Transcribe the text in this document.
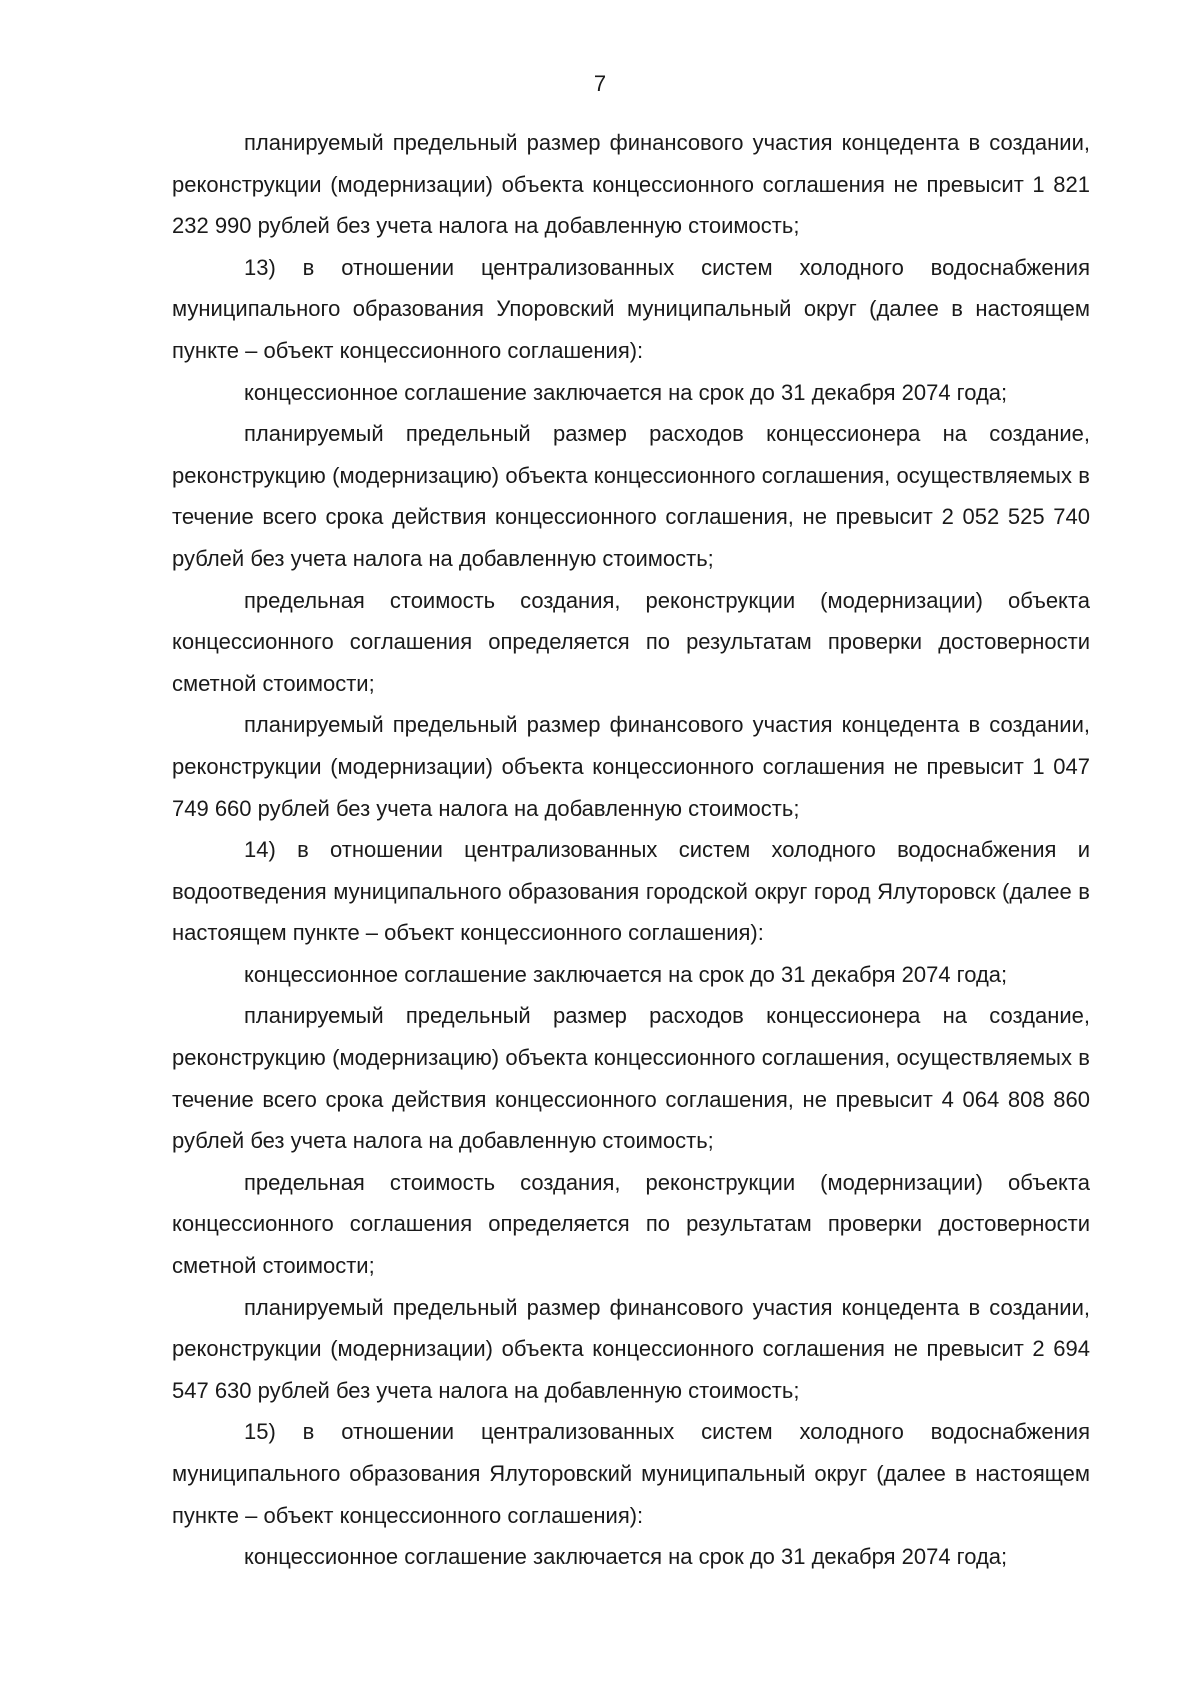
7

планируемый предельный размер финансового участия концедента в создании, реконструкции (модернизации) объекта концессионного соглашения не превысит 1 821 232 990 рублей без учета налога на добавленную стоимость;

13) в отношении централизованных систем холодного водоснабжения муниципального образования Упоровский муниципальный округ (далее в настоящем пункте – объект концессионного соглашения):

концессионное соглашение заключается на срок до 31 декабря 2074 года;

планируемый предельный размер расходов концессионера на создание, реконструкцию (модернизацию) объекта концессионного соглашения, осуществляемых в течение всего срока действия концессионного соглашения, не превысит 2 052 525 740 рублей без учета налога на добавленную стоимость;

предельная стоимость создания, реконструкции (модернизации) объекта концессионного соглашения определяется по результатам проверки достоверности сметной стоимости;

планируемый предельный размер финансового участия концедента в создании, реконструкции (модернизации) объекта концессионного соглашения не превысит 1 047 749 660 рублей без учета налога на добавленную стоимость;

14) в отношении централизованных систем холодного водоснабжения и водоотведения муниципального образования городской округ город Ялуторовск (далее в настоящем пункте – объект концессионного соглашения):

концессионное соглашение заключается на срок до 31 декабря 2074 года;

планируемый предельный размер расходов концессионера на создание, реконструкцию (модернизацию) объекта концессионного соглашения, осуществляемых в течение всего срока действия концессионного соглашения, не превысит 4 064 808 860 рублей без учета налога на добавленную стоимость;

предельная стоимость создания, реконструкции (модернизации) объекта концессионного соглашения определяется по результатам проверки достоверности сметной стоимости;

планируемый предельный размер финансового участия концедента в создании, реконструкции (модернизации) объекта концессионного соглашения не превысит 2 694 547 630 рублей без учета налога на добавленную стоимость;

15) в отношении централизованных систем холодного водоснабжения муниципального образования Ялуторовский муниципальный округ (далее в настоящем пункте – объект концессионного соглашения):

концессионное соглашение заключается на срок до 31 декабря 2074 года;
